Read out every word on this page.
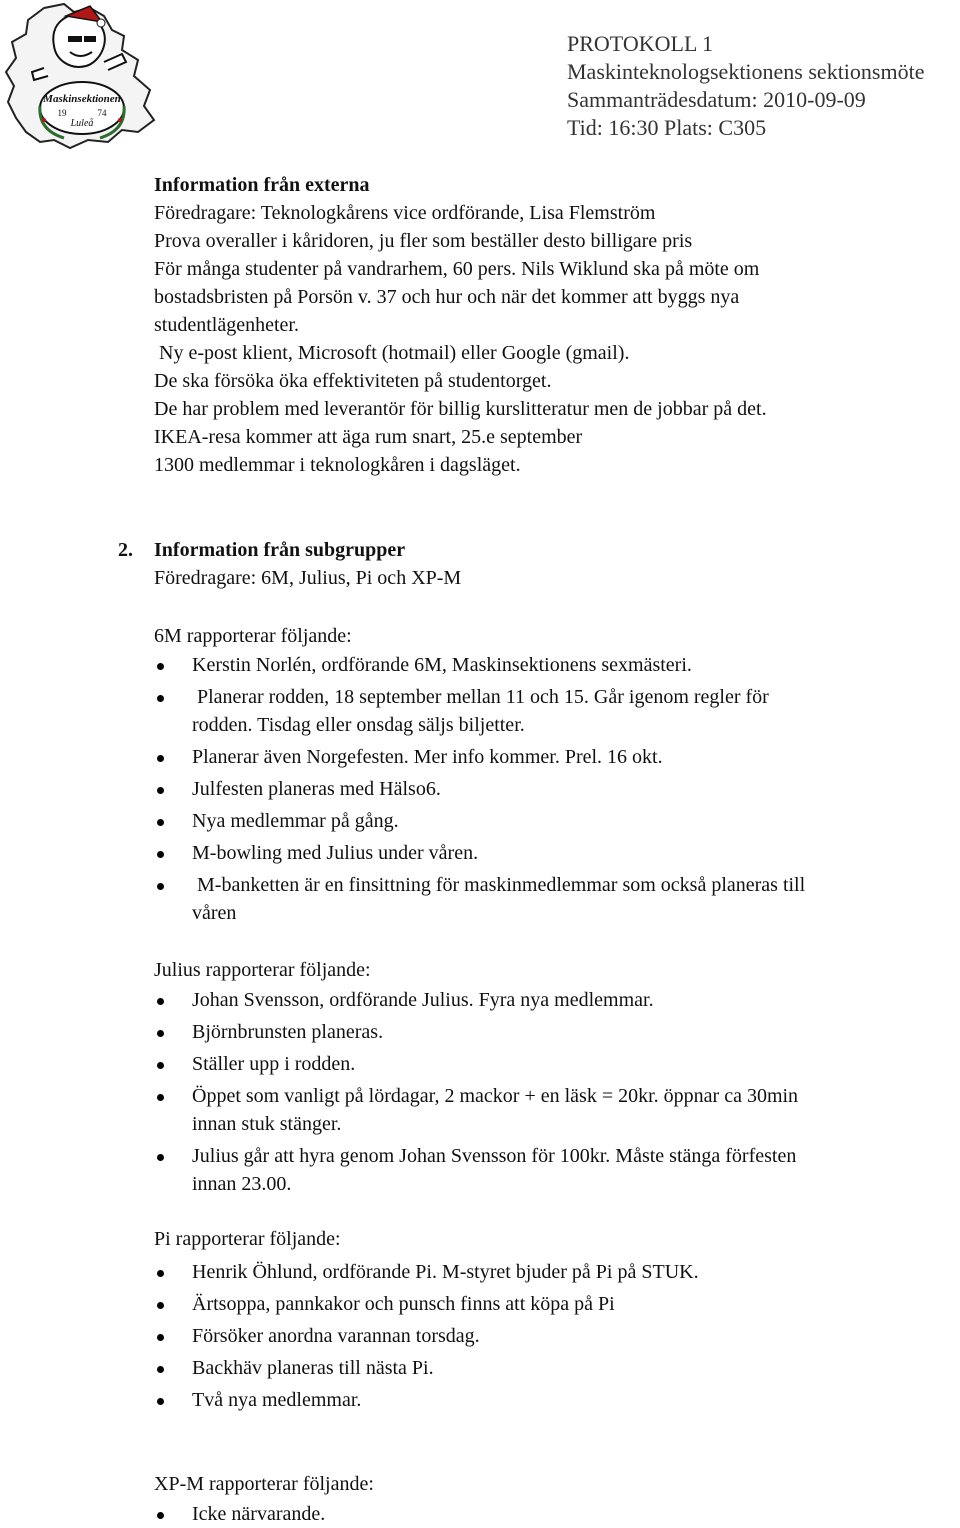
Maskinsektionen
19	74
Luleå
PROTOKOLL 1
Maskinteknologsektionens sektionsmöte
Sammanträdesdatum: 2010-09-09
Tid: 16:30 Plats: C305
Information från externa
Föredragare: Teknologkårens vice ordförande, Lisa Flemström
Prova overaller i kåridoren, ju fler som beställer desto billigare pris
För många studenter på vandrarhem, 60 pers. Nils Wiklund ska på möte om
bostadsbristen på Porsön v. 37 och hur och när det kommer att byggs nya
studentlägenheter.
Ny e-post klient, Microsoft (hotmail) eller Google (gmail).
De ska försöka öka effektiviteten på studentorget.
De har problem med leverantör för billig kurslitteratur men de jobbar på det.
IKEA-resa kommer att äga rum snart, 25.e september
1300 medlemmar i teknologkåren i dagsläget.
2. Information från subgrupper
Föredragare: 6M, Julius, Pi och XP-M
6M rapporterar följande:
Kerstin Norlén, ordförande 6M, Maskinsektionens sexmästeri.
Planerar rodden, 18 september mellan 11 och 15. Går igenom regler för
rodden. Tisdag eller onsdag säljs biljetter.
Planerar även Norgefesten. Mer info kommer. Prel. 16 okt.
Julfesten planeras med Hälso6.
Nya medlemmar på gång.
M-bowling med Julius under våren.
M-banketten är en finsittning för maskinmedlemmar som också planeras till
våren
Julius rapporterar följande:
Johan Svensson, ordförande Julius. Fyra nya medlemmar.
Björnbrunsten planeras.
Ställer upp i rodden.
Öppet som vanligt på lördagar, 2 mackor + en läsk = 20kr. öppnar ca 30min
innan stuk stänger.
Julius går att hyra genom Johan Svensson för 100kr. Måste stänga förfesten
innan 23.00.
Pi rapporterar följande:
Henrik Öhlund, ordförande Pi. M-styret bjuder på Pi på STUK.
Ärtsoppa, pannkakor och punsch finns att köpa på Pi
Försöker anordna varannan torsdag.
Backhäv planeras till nästa Pi.
Två nya medlemmar.
XP-M rapporterar följande:
Icke närvarande.
